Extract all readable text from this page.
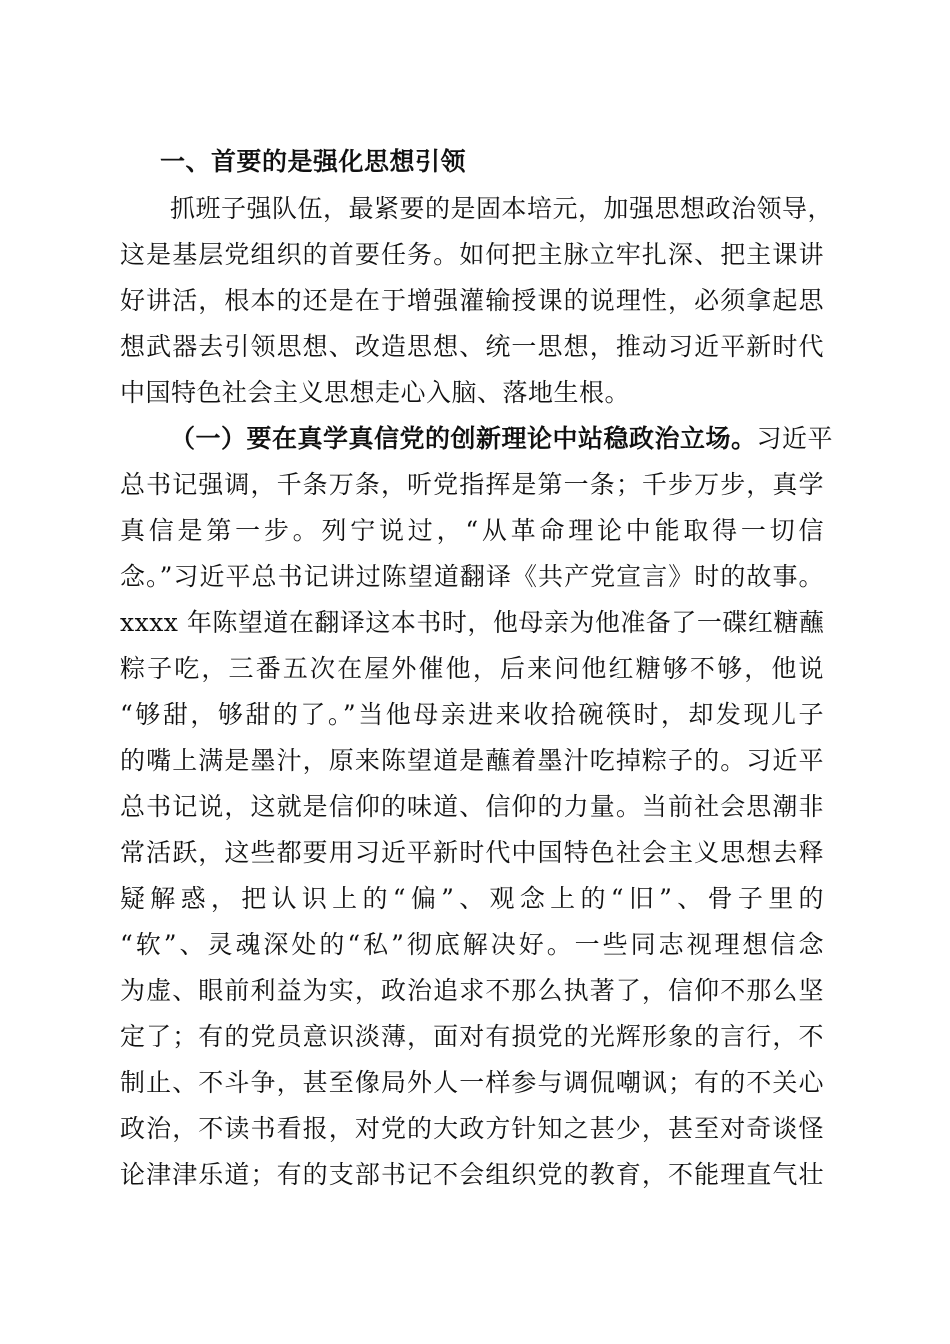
一、首要的是强化思想引领
抓班子强队伍，最紧要的是固本培元，加强思想政治领导，
这是基层党组织的首要任务。如何把主脉立牢扎深、把主课讲
好讲活，根本的还是在于增强灌输授课的说理性，必须拿起思
想武器去引领思想、改造思想、统一思想，推动习近平新时代
中国特色社会主义思想走心入脑、落地生根。
（一）要在真学真信党的创新理论中站稳政治立场。习近平
总书记强调，千条万条，听党指挥是第一条；千步万步，真学
真信是第一步。列宁说过，“从革命理论中能取得一切信
念。”习近平总书记讲过陈望道翻译《共产党宣言》时的故事。
xxxx 年陈望道在翻译这本书时，他母亲为他准备了一碟红糖蘸
粽子吃，三番五次在屋外催他，后来问他红糖够不够，他说
“够甜，够甜的了。”当他母亲进来收拾碗筷时，却发现儿子
的嘴上满是墨汁，原来陈望道是蘸着墨汁吃掉粽子的。习近平
总书记说，这就是信仰的味道、信仰的力量。当前社会思潮非
常活跃，这些都要用习近平新时代中国特色社会主义思想去释
疑解惑，把认识上的“偏”、观念上的“旧”、骨子里的
“软”、灵魂深处的“私”彻底解决好。一些同志视理想信念
为虚、眼前利益为实，政治追求不那么执著了，信仰不那么坚
定了；有的党员意识淡薄，面对有损党的光辉形象的言行，不
制止、不斗争，甚至像局外人一样参与调侃嘲讽；有的不关心
政治，不读书看报，对党的大政方针知之甚少，甚至对奇谈怪
论津津乐道；有的支部书记不会组织党的教育，不能理直气壮
